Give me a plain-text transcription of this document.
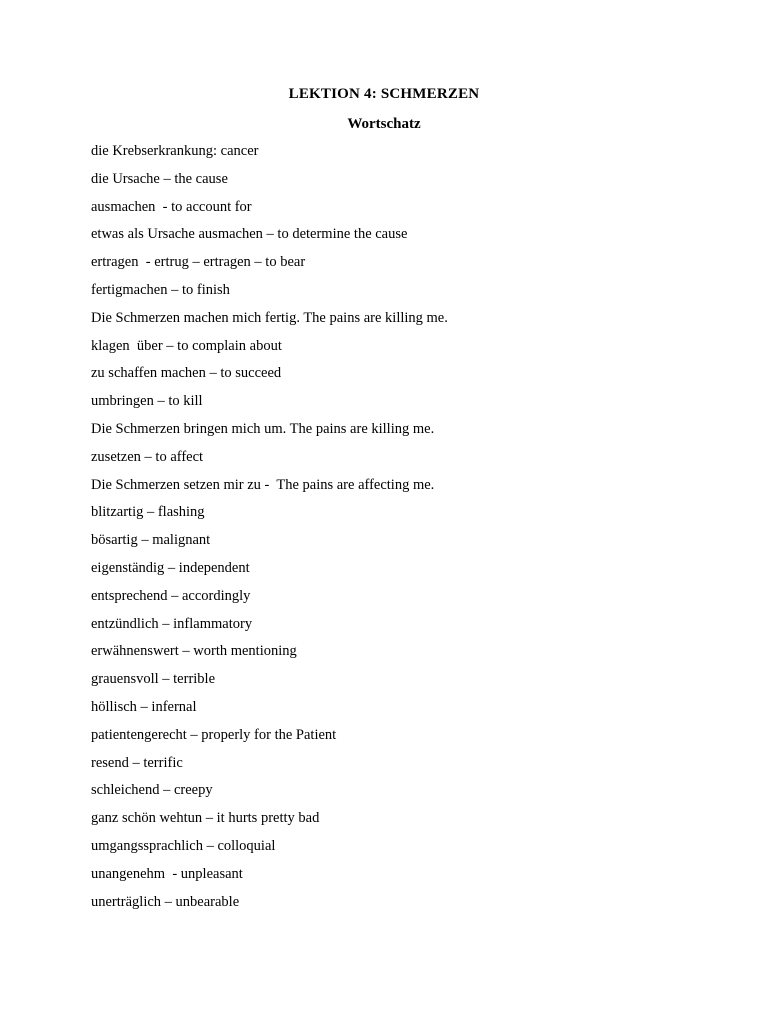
LEKTION 4: SCHMERZEN
Wortschatz
die Krebserkrankung: cancer
die Ursache – the cause
ausmachen  - to account for
etwas als Ursache ausmachen – to determine the cause
ertragen  - ertrug – ertragen – to bear
fertigmachen – to finish
Die Schmerzen machen mich fertig. The pains are killing me.
klagen  über – to complain about
zu schaffen machen – to succeed
umbringen – to kill
Die Schmerzen bringen mich um. The pains are killing me.
zusetzen – to affect
Die Schmerzen setzen mir zu -  The pains are affecting me.
blitzartig – flashing
bösartig – malignant
eigenständig – independent
entsprechend – accordingly
entzündlich – inflammatory
erwähnenswert – worth mentioning
grauensvoll – terrible
höllisch – infernal
patientengerecht – properly for the Patient
resend – terrific
schleichend – creepy
ganz schön wehtun – it hurts pretty bad
umgangssprachlich – colloquial
unangenehm  - unpleasant
unerträglich – unbearable
